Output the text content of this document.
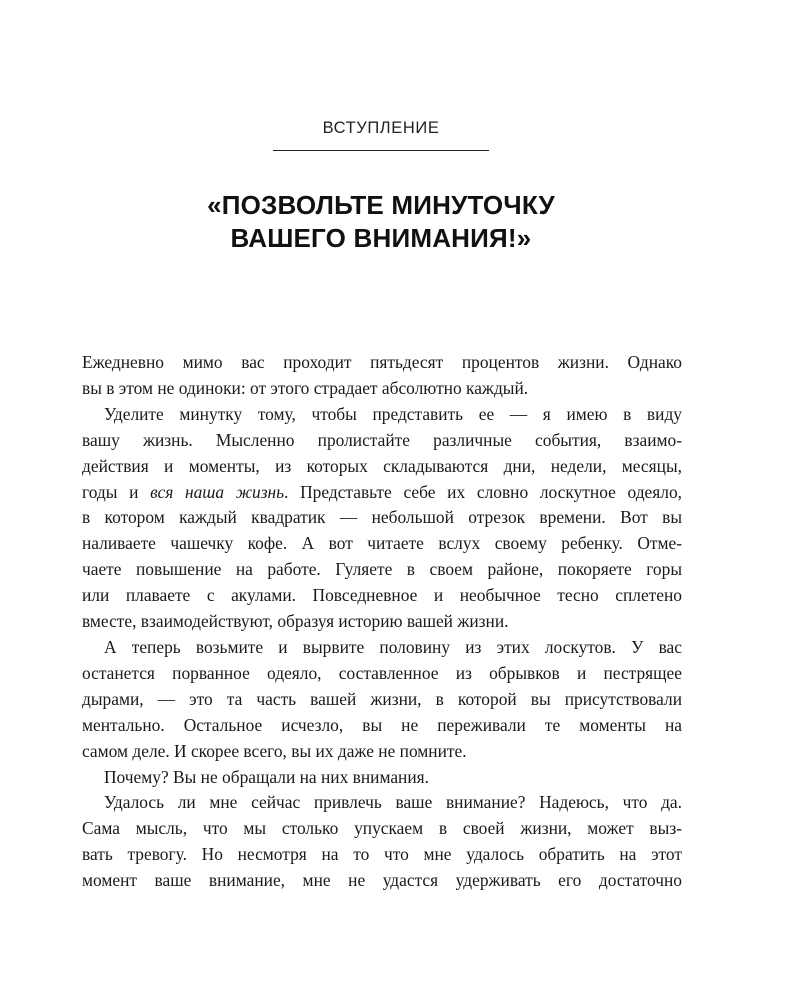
ВСТУПЛЕНИЕ
«ПОЗВОЛЬТЕ МИНУТОЧКУ
ВАШЕГО ВНИМАНИЯ!»

Ежедневно мимо вас проходит пятьдесят процентов жизни. Однако

вы в этом не одиноки: от этого страдает абсолютно каждый.

Уделите минутку тому, чтобы представить ее — я имею в виду

вашу жизнь. Мысленно пролистайте различные события, взаимо-

действия и моменты, из которых складываются дни, недели, месяцы,

годы и вся наша жизнь. Представьте себе их словно лоскутное одеяло,

в котором каждый квадратик — небольшой отрезок времени. Вот вы

наливаете чашечку кофе. А вот читаете вслух своему ребенку. Отме-

чаете повышение на работе. Гуляете в своем районе, покоряете горы

или плаваете с акулами. Повседневное и необычное тесно сплетено

вместе, взаимодействуют, образуя историю вашей жизни.

А теперь возьмите и вырвите половину из этих лоскутов. У вас

останется порванное одеяло, составленное из обрывков и пестрящее

дырами, — это та часть вашей жизни, в которой вы присутствовали

ментально. Остальное исчезло, вы не переживали те моменты на

самом деле. И скорее всего, вы их даже не помните.

Почему? Вы не обращали на них внимания.

Удалось ли мне сейчас привлечь ваше внимание? Надеюсь, что да.

Сама мысль, что мы столько упускаем в своей жизни, может выз-

вать тревогу. Но несмотря на то что мне удалось обратить на этот

момент ваше внимание, мне не удастся удерживать его достаточно
